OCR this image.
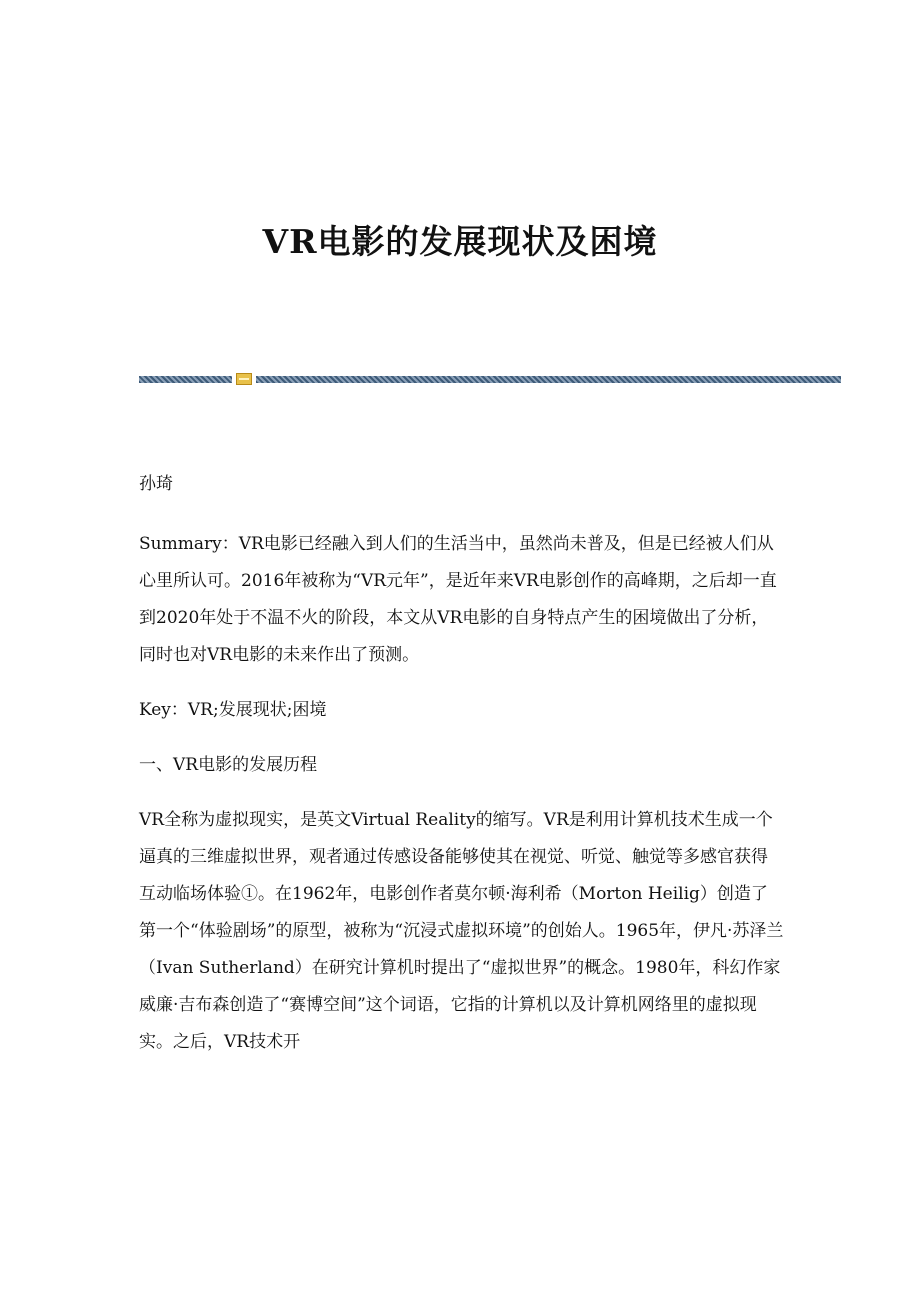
VR电影的发展现状及困境

孙琦

Summary：VR电影已经融入到人们的生活当中，虽然尚未普及，但是已经被人们从心里所认可。2016年被称为“VR元年”，是近年来VR电影创作的高峰期，之后却一直到2020年处于不温不火的阶段，本文从VR电影的自身特点产生的困境做出了分析，同时也对VR电影的未来作出了预测。

Key：VR;发展现状;困境

一、VR电影的发展历程

VR全称为虚拟现实，是英文Virtual Reality的缩写。VR是利用计算机技术生成一个逼真的三维虚拟世界，观者通过传感设备能够使其在视觉、听觉、触觉等多感官获得互动临场体验①。在1962年，电影创作者莫尔顿·海利希（Morton Heilig）创造了第一个“体验剧场”的原型，被称为“沉浸式虚拟环境”的创始人。1965年，伊凡·苏泽兰（Ivan Sutherland）在研究计算机时提出了“虚拟世界”的概念。1980年，科幻作家威廉·吉布森创造了“赛博空间”这个词语，它指的计算机以及计算机网络里的虚拟现实。之后，VR技术开
